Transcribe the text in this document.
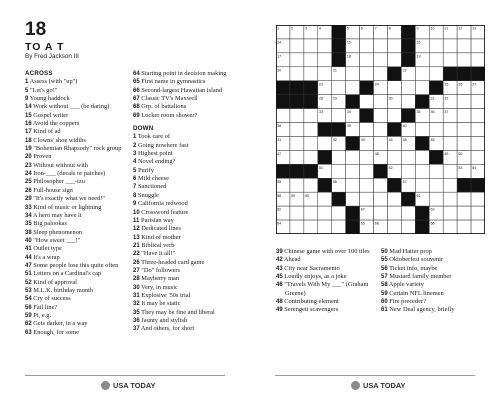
18
TO A T
By Fred Jackson III
ACROSS
1 Assess (with "up")
5 "Let's go!"
9 Young haddock
14 Work without ___ (be daring)
15 Gospel writer
16 Avoid the coppers
17 Kind of ad
18 Clowns' shoe widths
19 "Bohemian Rhapsody" rock group
20 Proven
23 Without without with
24 Iron-___ (decals or patches)
25 Philosopher ___-tzu
26 Full-house sign
29 "It's exactly what we need!"
33 Kind of music or lightning
34 A hero may have it
35 Big palookas
38 Sleep phenomenon
40 "How sweet ___!"
41 Outlet type
44 It's a wrap
47 Some people lose this quite often
51 Letters on a Cardinal's cap
52 Kind of approval
53 M.L.K. birthday month
54 Cry of success
56 Fail line?
59 Pi, e.g.
62 Gets darker, in a way
63 Enough, for some
64 Starting point in decision making
65 First name in gymnastics
66 Second-largest Hawaiian island
67 Classic TV's Maxwell
68 Grp. of battalions
69 Locker room shower?
DOWN
1 Took care of
2 Going nowhere fast
3 Highest point
4 Novel ending?
5 Purify
6 Mild cheese
7 Sanctioned
8 Snuggle
9 California redwood
10 Crossword feature
11 Parisian way
12 Dedicated lines
13 Kind of mother
21 Biblical verb
22 "Have it all!"
26 Three-headed card game
27 "Do" followers
28 Mayberry man
30 Very, in music
31 Explosive '50s trial
32 It may be static
35 They may be fine and liberal
36 Jaunty and stylish
37 And others, for short
USA TODAY
1	2	3	4	5	6	7	8	9	10	11	12	13
14	15	16
17	18	19
20	21	22
23	24	25	26	27
28	29	30	31	32
33	34	35	36	37
38	39	40
41	42	43	44	45	46
47	48	49	50
51	52	53	54
55	56	57
58	59	60	61
62	67	63
64	65	68	66
39 Chinese game with over 100 tiles
42 Ahead
43 City near Sacramento
45 Loudly enjoys, as a joke
46 "Travels With My ___" (Graham Greene)
48 Contributing element
49 Serengeti scavengers
50 Mad Hatter prop
55 Oktoberfest souvenir
56 Ticket info, maybe
57 Mustard family member
58 Apple variety
59 Certain NFL linemen
60 Fire preceder?
61 New Deal agency, briefly
USA TODAY
